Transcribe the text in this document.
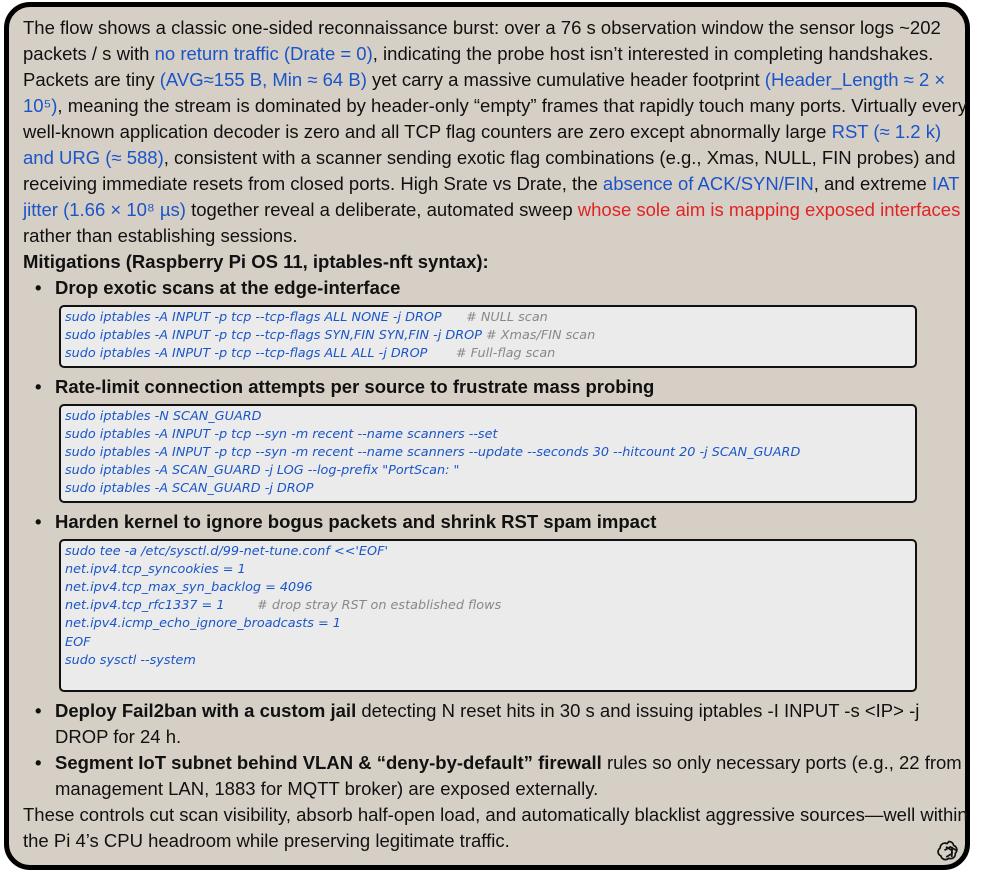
The flow shows a classic one-sided reconnaissance burst: over a 76 s observation window the sensor logs ~202 packets / s with no return traffic (Drate = 0), indicating the probe host isn’t interested in completing handshakes. Packets are tiny (AVG≈155 B, Min ≈ 64 B) yet carry a massive cumulative header footprint (Header_Length ≈ 2 × 10⁵), meaning the stream is dominated by header-only “empty” frames that rapidly touch many ports. Virtually every well-known application decoder is zero and all TCP flag counters are zero except abnormally large RST (≈ 1.2 k) and URG (≈ 588), consistent with a scanner sending exotic flag combinations (e.g., Xmas, NULL, FIN probes) and receiving immediate resets from closed ports. High Srate vs Drate, the absence of ACK/SYN/FIN, and extreme IAT jitter (1.66 × 10⁸ µs) together reveal a deliberate, automated sweep whose sole aim is mapping exposed interfaces rather than establishing sessions.

Mitigations (Raspberry Pi OS 11, iptables-nft syntax):

• Drop exotic scans at the edge-interface
sudo iptables -A INPUT -p tcp --tcp-flags ALL NONE -j DROP      # NULL scan
sudo iptables -A INPUT -p tcp --tcp-flags SYN,FIN SYN,FIN -j DROP # Xmas/FIN scan
sudo iptables -A INPUT -p tcp --tcp-flags ALL ALL -j DROP       # Full-flag scan
• Rate-limit connection attempts per source to frustrate mass probing
sudo iptables -N SCAN_GUARD
sudo iptables -A INPUT -p tcp --syn -m recent --name scanners --set
sudo iptables -A INPUT -p tcp --syn -m recent --name scanners --update --seconds 30 --hitcount 20 -j SCAN_GUARD
sudo iptables -A SCAN_GUARD -j LOG --log-prefix "PortScan: "
sudo iptables -A SCAN_GUARD -j DROP
• Harden kernel to ignore bogus packets and shrink RST spam impact
sudo tee -a /etc/sysctl.d/99-net-tune.conf <<'EOF'
net.ipv4.tcp_syncookies = 1
net.ipv4.tcp_max_syn_backlog = 4096
net.ipv4.tcp_rfc1337 = 1        # drop stray RST on established flows
net.ipv4.icmp_echo_ignore_broadcasts = 1
EOF
sudo sysctl --system
• Deploy Fail2ban with a custom jail detecting N reset hits in 30 s and issuing iptables -I INPUT -s <IP> -j DROP for 24 h.
• Segment IoT subnet behind VLAN & “deny-by-default” firewall rules so only necessary ports (e.g., 22 from management LAN, 1883 for MQTT broker) are exposed externally.

These controls cut scan visibility, absorb half-open load, and automatically blacklist aggressive sources—well within the Pi 4’s CPU headroom while preserving legitimate traffic.
